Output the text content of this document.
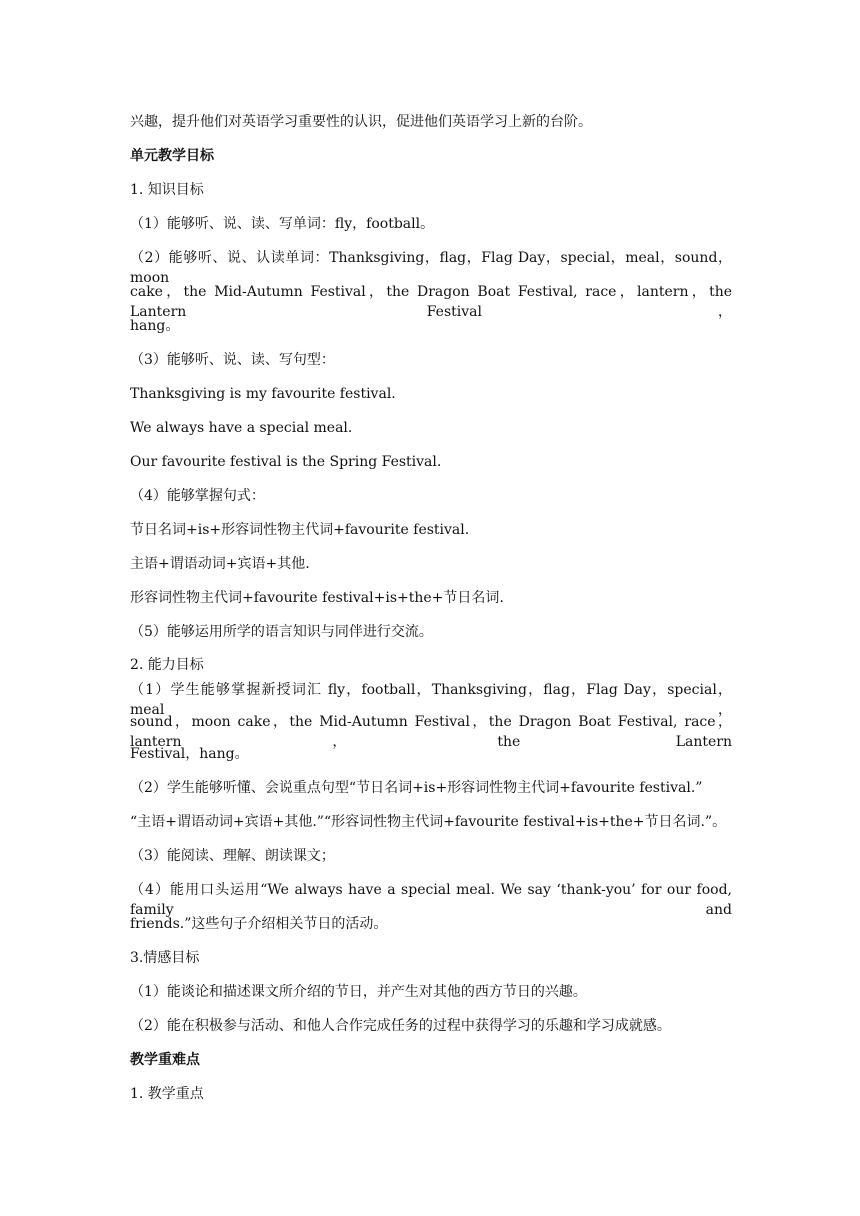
兴趣，提升他们对英语学习重要性的认识，促进他们英语学习上新的台阶。
单元教学目标
1. 知识目标
（1）能够听、说、读、写单词：fly，football。
（2）能够听、说、认读单词：Thanksgiving，flag，Flag Day，special，meal，sound，moon
cake，the Mid-Autumn Festival，the Dragon Boat Festival, race，lantern，the Lantern Festival，
hang。
（3）能够听、说、读、写句型：
Thanksgiving is my favourite festival.
We always have a special meal.
Our favourite festival is the Spring Festival.
（4）能够掌握句式：
节日名词+is+形容词性物主代词+favourite festival.
主语+谓语动词+宾语+其他.
形容词性物主代词+favourite festival+is+the+节日名词.
（5）能够运用所学的语言知识与同伴进行交流。
2. 能力目标
（1）学生能够掌握新授词汇 fly，football，Thanksgiving，flag，Flag Day，special，meal，
sound，moon cake，the Mid-Autumn Festival，the Dragon Boat Festival, race，lantern，the Lantern
Festival，hang。
（2）学生能够听懂、会说重点句型“节日名词+is+形容词性物主代词+favourite festival.”
“主语+谓语动词+宾语+其他.”“形容词性物主代词+favourite festival+is+the+节日名词.”。
（3）能阅读、理解、朗读课文；
（4）能用口头运用“We always have a special meal. We say ‘thank-you’ for our food, family and
friends.”这些句子介绍相关节日的活动。
3.情感目标
（1）能谈论和描述课文所介绍的节日，并产生对其他的西方节日的兴趣。
（2）能在积极参与活动、和他人合作完成任务的过程中获得学习的乐趣和学习成就感。
教学重难点
1. 教学重点
